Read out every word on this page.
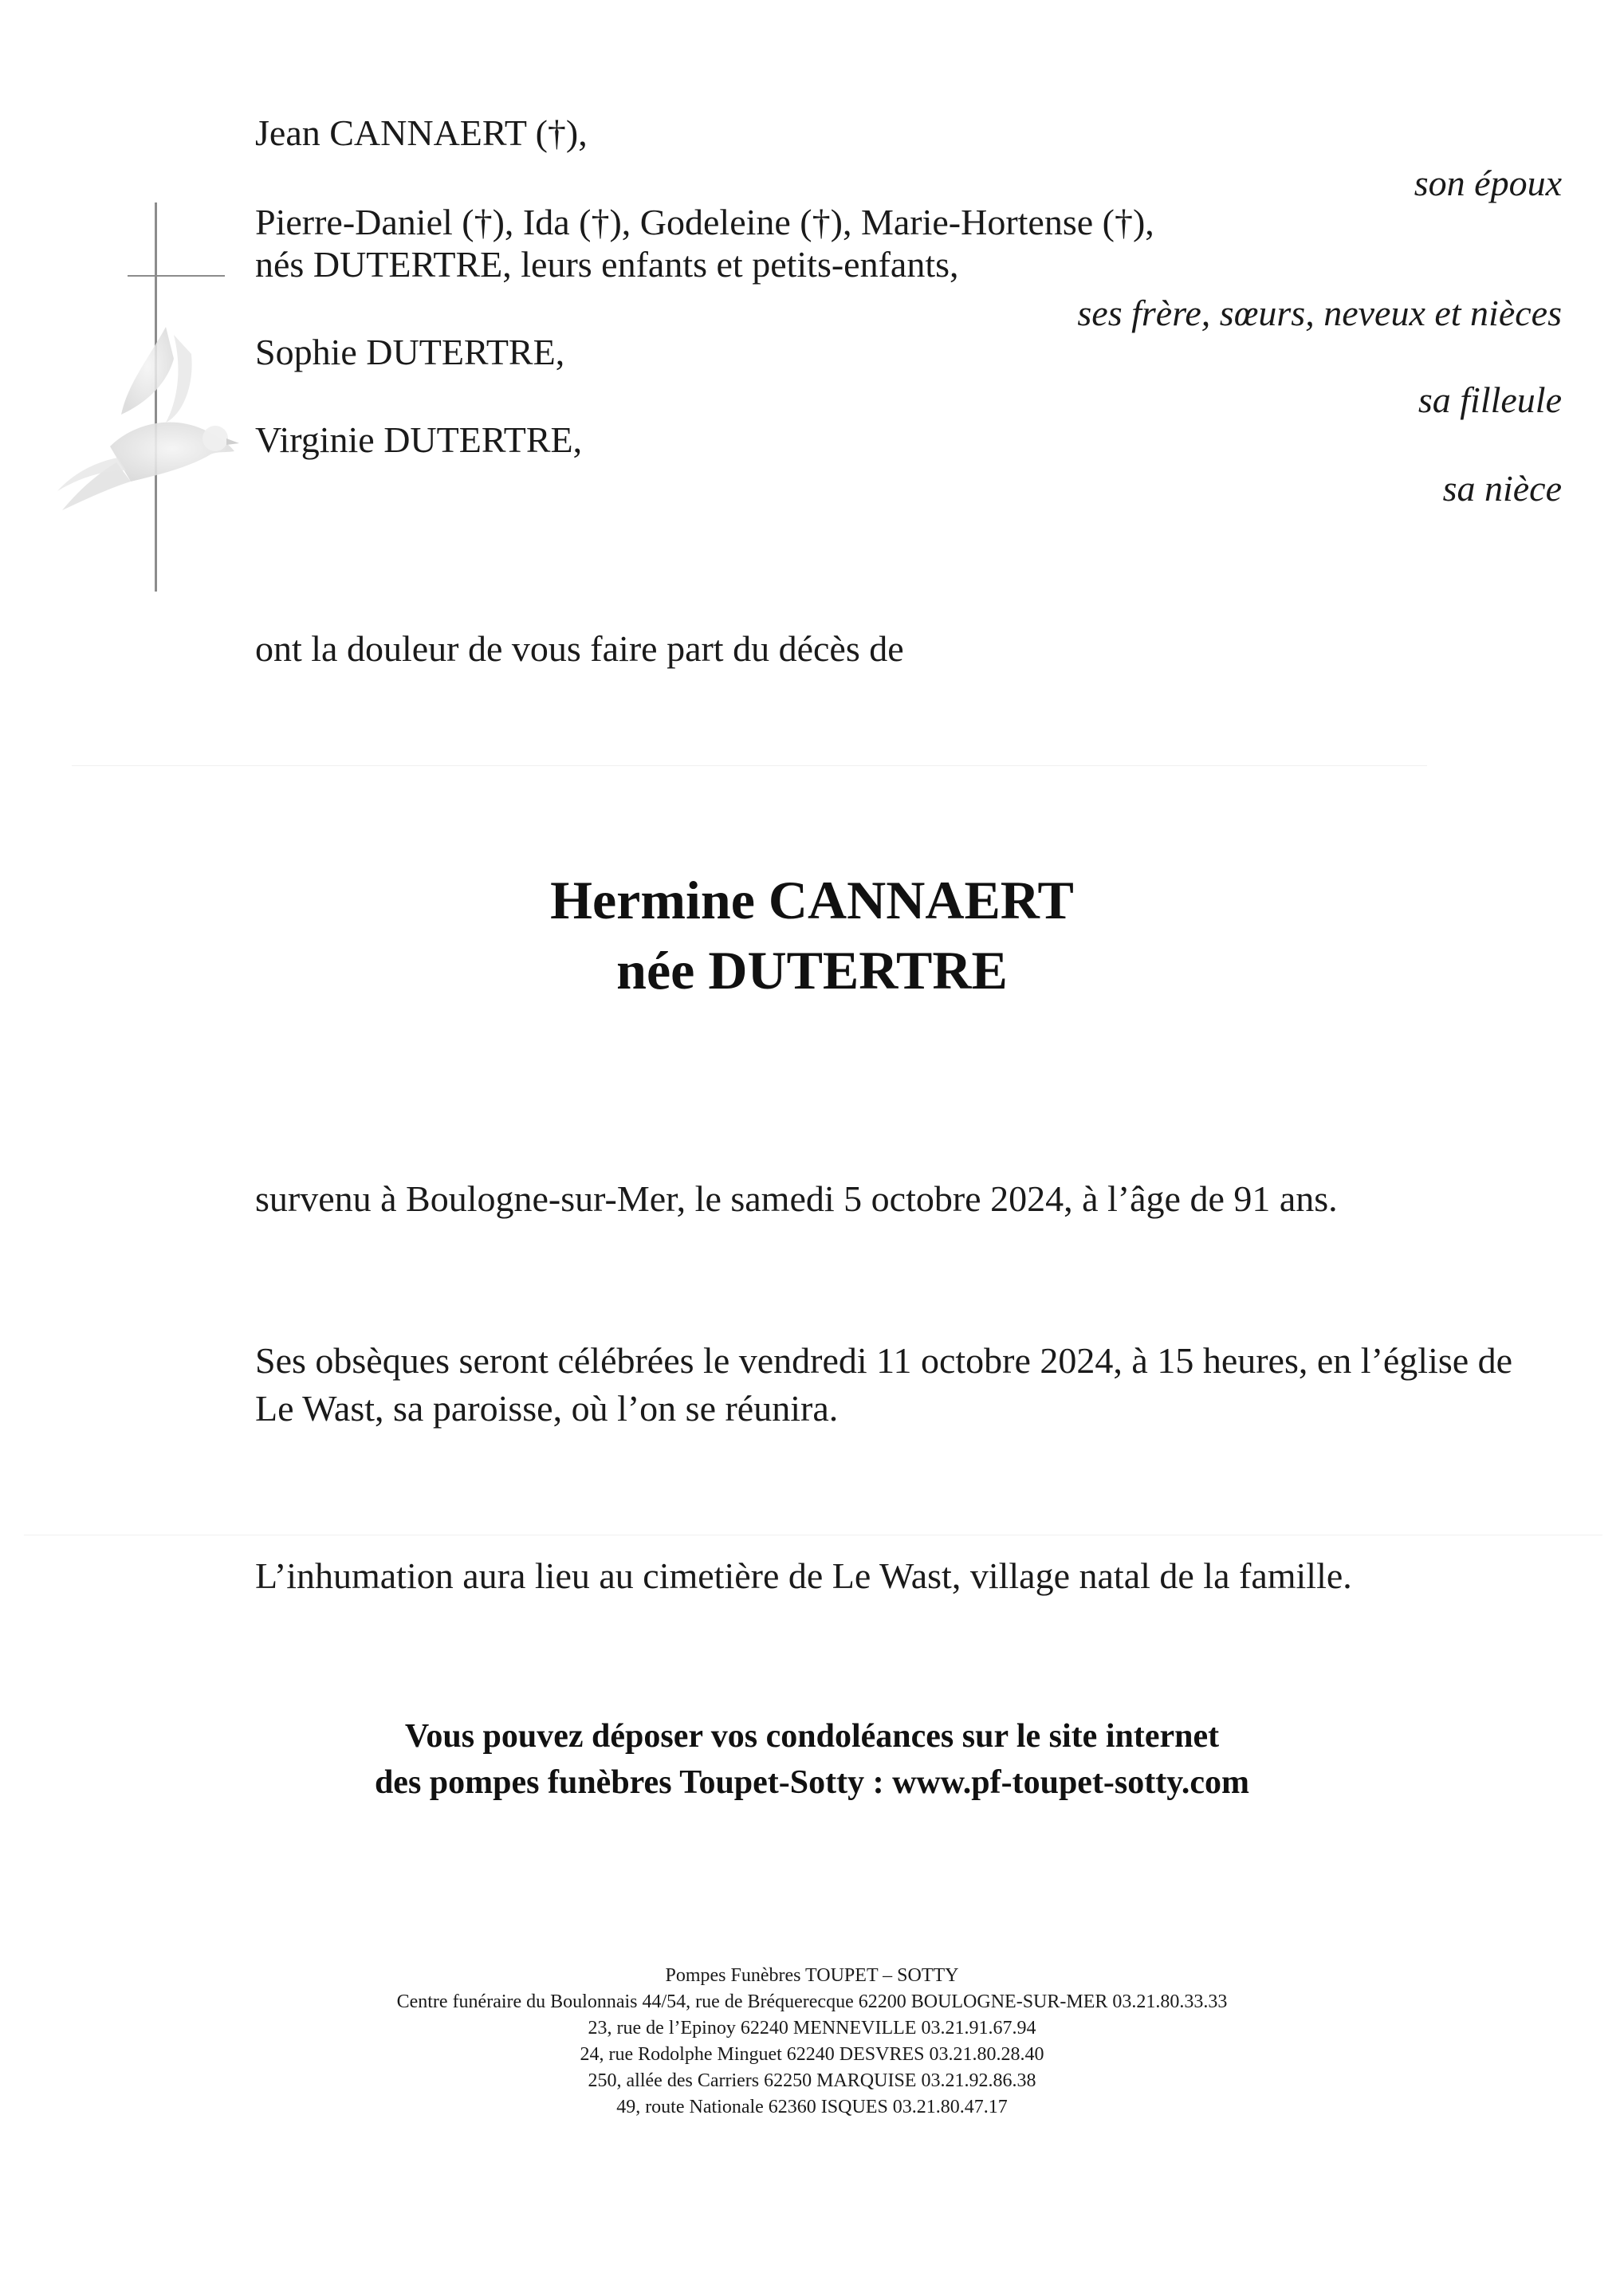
Jean CANNAERT (†),
Pierre-Daniel (†), Ida (†), Godeleine (†), Marie-Hortense (†),
nés DUTERTRE, leurs enfants et petits-enfants,
Sophie DUTERTRE,
Virginie DUTERTRE,
son époux
ses frère, sœurs, neveux et nièces
sa filleule
sa nièce
ont la douleur de vous faire part du décès de
Hermine CANNAERT
née DUTERTRE
survenu à Boulogne-sur-Mer, le samedi 5 octobre 2024, à l’âge de 91 ans.
Ses obsèques seront célébrées le vendredi 11 octobre 2024, à 15 heures, en l’église de
Le Wast, sa paroisse, où l’on se réunira.
L’inhumation aura lieu au cimetière de Le Wast, village natal de la famille.
Vous pouvez déposer vos condoléances sur le site internet
des pompes funèbres Toupet-Sotty : www.pf-toupet-sotty.com
Pompes Funèbres TOUPET – SOTTY
Centre funéraire du Boulonnais 44/54, rue de Bréquerecque 62200 BOULOGNE-SUR-MER 03.21.80.33.33
23, rue de l’Epinoy 62240 MENNEVILLE 03.21.91.67.94
24, rue Rodolphe Minguet 62240 DESVRES 03.21.80.28.40
250, allée des Carriers 62250 MARQUISE 03.21.92.86.38
49, route Nationale 62360 ISQUES 03.21.80.47.17
